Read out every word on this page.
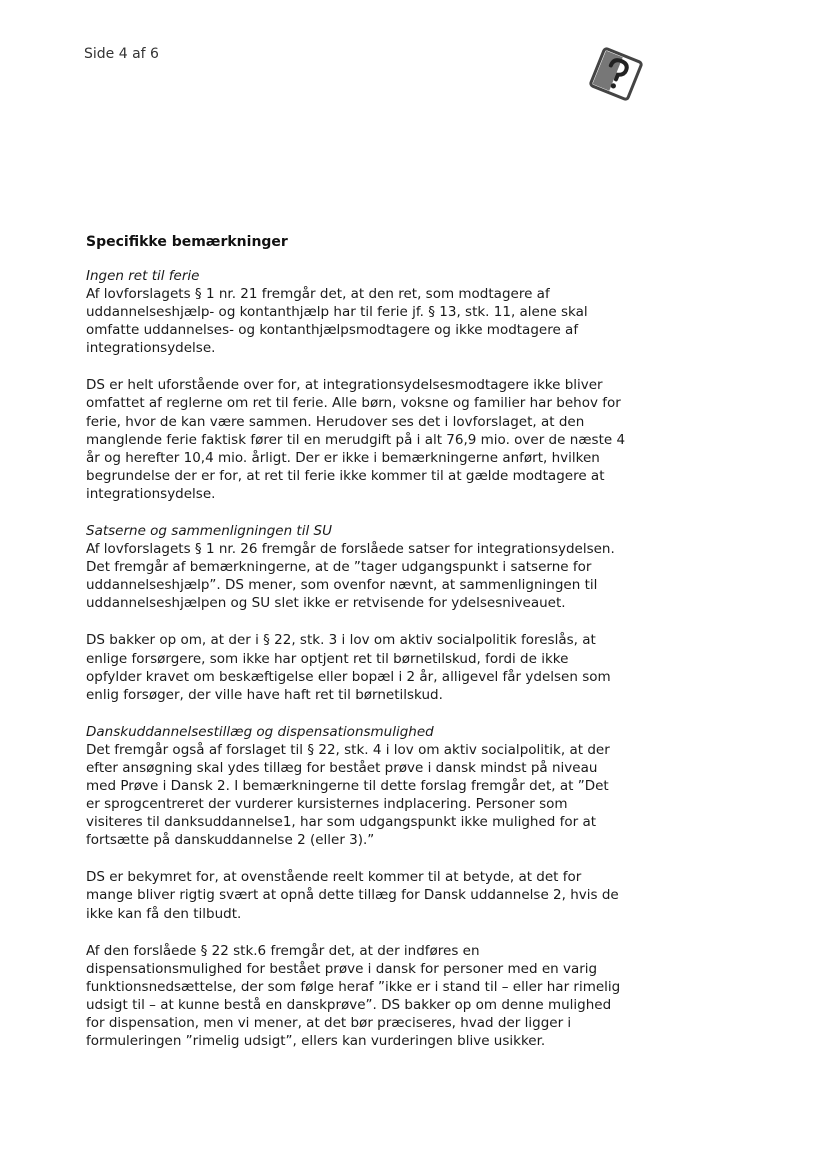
Side 4 af 6
Specifikke bemærkninger
Ingen ret til ferie

Af lovforslagets § 1 nr. 21 fremgår det, at den ret, som modtagere af uddannelseshjælp- og kontanthjælp har til ferie jf. § 13, stk. 11, alene skal omfatte uddannelses- og kontanthjælpsmodtagere og ikke modtagere af integrationsydelse.

DS er helt uforstående over for, at integrationsydelsesmodtagere ikke bliver omfattet af reglerne om ret til ferie. Alle børn, voksne og familier har behov for ferie, hvor de kan være sammen. Herudover ses det i lovforslaget, at den manglende ferie faktisk fører til en merudgift på i alt 76,9 mio. over de næste 4 år og herefter 10,4 mio. årligt. Der er ikke i bemærkningerne anført, hvilken begrundelse der er for, at ret til ferie ikke kommer til at gælde modtagere at integrationsydelse.

Satserne og sammenligningen til SU

Af lovforslagets § 1 nr. 26 fremgår de forslåede satser for integrationsydelsen. Det fremgår af bemærkningerne, at de ”tager udgangspunkt i satserne for uddannelseshjælp”. DS mener, som ovenfor nævnt, at sammenligningen til uddannelseshjælpen og SU slet ikke er retvisende for ydelsesniveauet.

DS bakker op om, at der i § 22, stk. 3 i lov om aktiv socialpolitik foreslås, at enlige forsørgere, som ikke har optjent ret til børnetilskud, fordi de ikke opfylder kravet om beskæftigelse eller bopæl i 2 år, alligevel får ydelsen som enlig forsøger, der ville have haft ret til børnetilskud.

Danskuddannelsestillæg og dispensationsmulighed

Det fremgår også af forslaget til § 22, stk. 4 i lov om aktiv socialpolitik, at der efter ansøgning skal ydes tillæg for bestået prøve i dansk mindst på niveau med Prøve i Dansk 2. I bemærkningerne til dette forslag fremgår det, at ”Det er sprogcentreret der vurderer kursisternes indplacering. Personer som visiteres til danksuddannelse1, har som udgangspunkt ikke mulighed for at fortsætte på danskuddannelse 2 (eller 3).”

DS er bekymret for, at ovenstående reelt kommer til at betyde, at det for mange bliver rigtig svært at opnå dette tillæg for Dansk uddannelse 2, hvis de ikke kan få den tilbudt.

Af den forslåede § 22 stk.6 fremgår det, at der indføres en dispensationsmulighed for bestået prøve i dansk for personer med en varig funktionsnedsættelse, der som følge heraf ”ikke er i stand til – eller har rimelig udsigt til – at kunne bestå en danskprøve”. DS bakker op om denne mulighed for dispensation, men vi mener, at det bør præciseres, hvad der ligger i formuleringen ”rimelig udsigt”, ellers kan vurderingen blive usikker.
